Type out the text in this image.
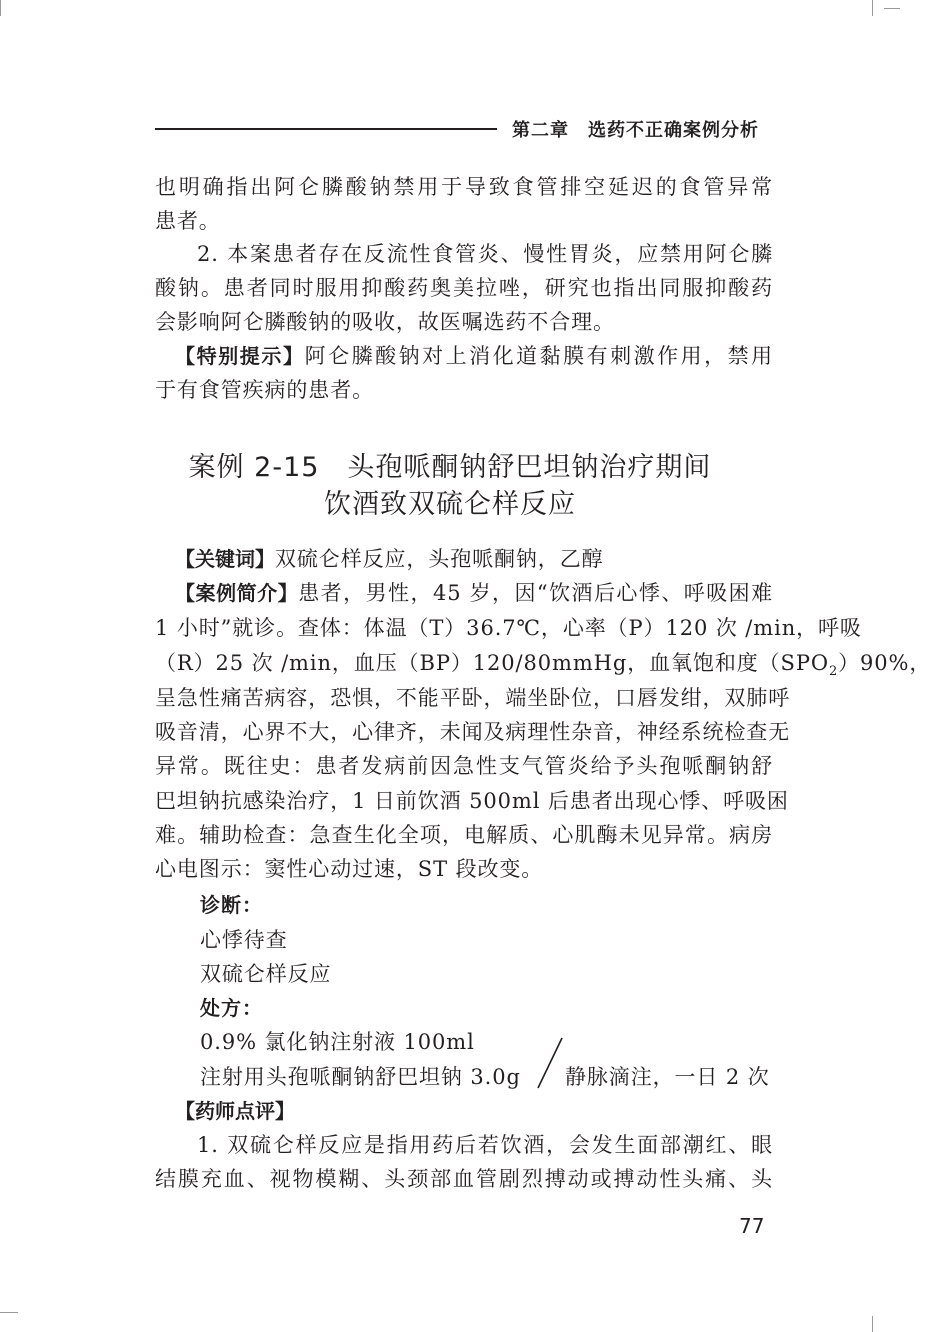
第二章　选药不正确案例分析
也明确指出阿仑膦酸钠禁用于导致食管排空延迟的食管异常
患者。
2. 本案患者存在反流性食管炎、慢性胃炎，应禁用阿仑膦
酸钠。患者同时服用抑酸药奥美拉唑，研究也指出同服抑酸药
会影响阿仑膦酸钠的吸收，故医嘱选药不合理。
【特别提示】阿仑膦酸钠对上消化道黏膜有刺激作用，禁用
于有食管疾病的患者。
案例 2-15　头孢哌酮钠舒巴坦钠治疗期间
饮酒致双硫仑样反应
【关键词】双硫仑样反应，头孢哌酮钠，乙醇
【案例简介】患者，男性，45 岁，因“饮酒后心悸、呼吸困难
1 小时”就诊。查体：体温（T）36.7℃，心率（P）120 次 /min，呼吸
（R）25 次 /min，血压（BP）120/80mmHg，血氧饱和度$(SPO_2)90\%$，
呈急性痛苦病容，恐惧，不能平卧，端坐卧位，口唇发绀，双肺呼
吸音清，心界不大，心律齐，未闻及病理性杂音，神经系统检查无
异常。既往史：患者发病前因急性支气管炎给予头孢哌酮钠舒
巴坦钠抗感染治疗，1 日前饮酒 500ml 后患者出现心悸、呼吸困
难。辅助检查：急查生化全项，电解质、心肌酶未见异常。病房
心电图示：窦性心动过速，ST 段改变。
诊断：
心悸待查
双硫仑样反应
处方：
0.9% 氯化钠注射液 100ml
注射用头孢哌酮钠舒巴坦钠 3.0g 静脉滴注，一日 2 次
【药师点评】
1. 双硫仑样反应是指用药后若饮酒，会发生面部潮红、眼
结膜充血、视物模糊、头颈部血管剧烈搏动或搏动性头痛、头
77
